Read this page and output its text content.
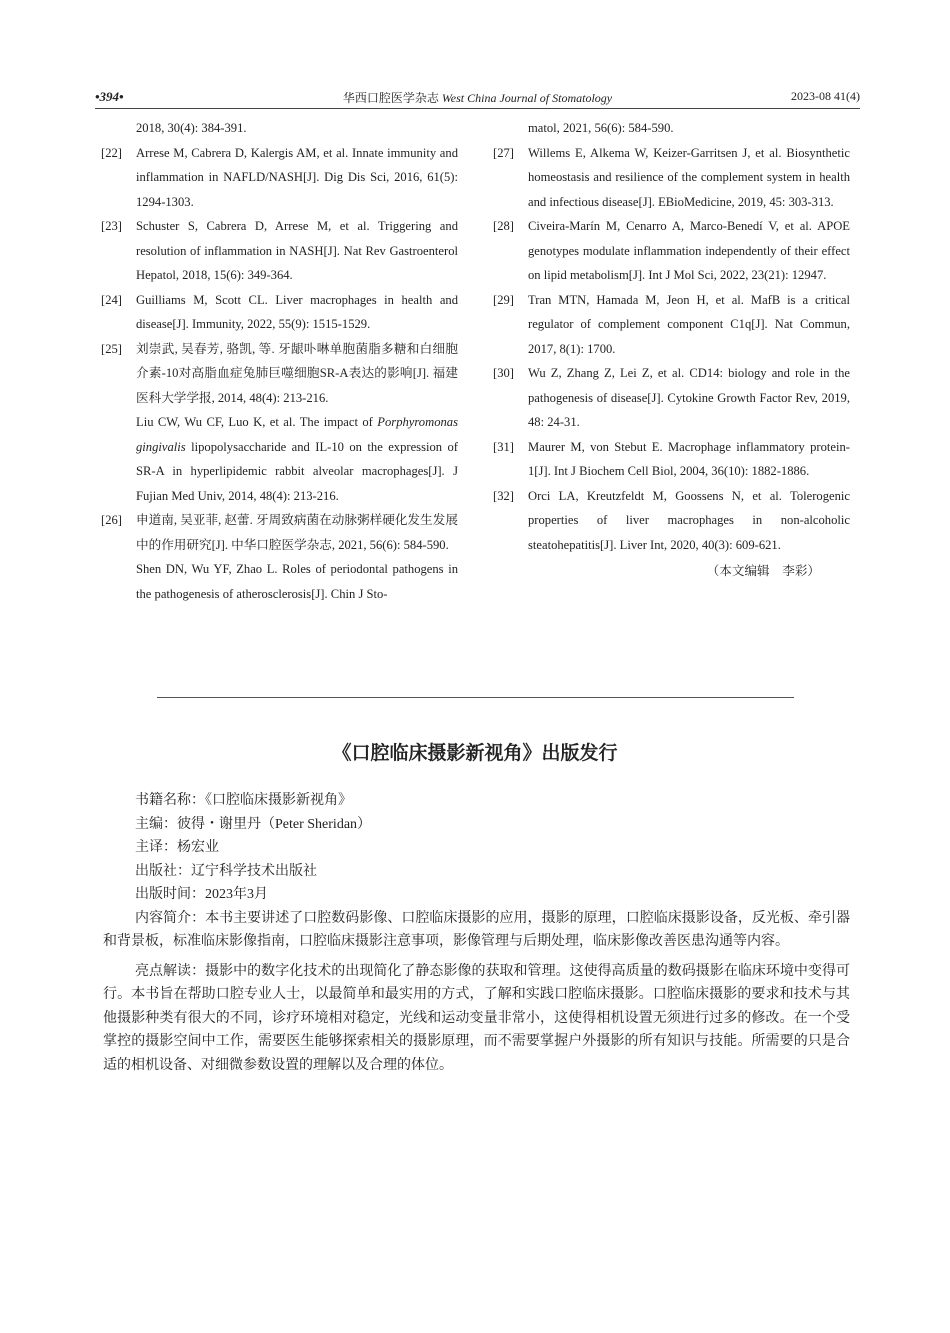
•394•	华西口腔医学杂志 West China Journal of Stomatology	2023-08 41(4)
2018, 30(4): 384-391.
[22] Arrese M, Cabrera D, Kalergis AM, et al. Innate immunity and inflammation in NAFLD/NASH[J]. Dig Dis Sci, 2016, 61(5): 1294-1303.
[23] Schuster S, Cabrera D, Arrese M, et al. Triggering and resolution of inflammation in NASH[J]. Nat Rev Gastroenterol Hepatol, 2018, 15(6): 349-364.
[24] Guilliams M, Scott CL. Liver macrophages in health and disease[J]. Immunity, 2022, 55(9): 1515-1529.
[25] 刘崇武, 吴春芳, 骆凯, 等. 牙龈卟啉单胞菌脂多糖和白细胞介素-10对高脂血症兔肺巨噬细胞SR-A表达的影响[J]. 福建医科大学学报, 2014, 48(4): 213-216.
Liu CW, Wu CF, Luo K, et al. The impact of Porphyromonas gingivalis lipopolysaccharide and IL-10 on the expression of SR-A in hyperlipidemic rabbit alveolar macrophages[J]. J Fujian Med Univ, 2014, 48(4): 213-216.
[26] 申道南, 吴亚菲, 赵蕾. 牙周致病菌在动脉粥样硬化发生发展中的作用研究[J]. 中华口腔医学杂志, 2021, 56(6): 584-590.
Shen DN, Wu YF, Zhao L. Roles of periodontal pathogens in the pathogenesis of atherosclerosis[J]. Chin J Sto-
matol, 2021, 56(6): 584-590.
[27] Willems E, Alkema W, Keizer-Garritsen J, et al. Biosynthetic homeostasis and resilience of the complement system in health and infectious disease[J]. EBioMedicine, 2019, 45: 303-313.
[28] Civeira-Marín M, Cenarro A, Marco-Benedí V, et al. APOE genotypes modulate inflammation independently of their effect on lipid metabolism[J]. Int J Mol Sci, 2022, 23(21): 12947.
[29] Tran MTN, Hamada M, Jeon H, et al. MafB is a critical regulator of complement component C1q[J]. Nat Commun, 2017, 8(1): 1700.
[30] Wu Z, Zhang Z, Lei Z, et al. CD14: biology and role in the pathogenesis of disease[J]. Cytokine Growth Factor Rev, 2019, 48: 24-31.
[31] Maurer M, von Stebut E. Macrophage inflammatory protein-1[J]. Int J Biochem Cell Biol, 2004, 36(10): 1882-1886.
[32] Orci LA, Kreutzfeldt M, Goossens N, et al. Tolerogenic properties of liver macrophages in non-alcoholic steatohepatitis[J]. Liver Int, 2020, 40(3): 609-621.
（本文编辑　李彩）
《口腔临床摄影新视角》出版发行
书籍名称：《口腔临床摄影新视角》
主编：彼得・谢里丹（Peter Sheridan）
主译：杨宏业
出版社：辽宁科学技术出版社
出版时间：2023年3月
内容简介：本书主要讲述了口腔数码影像、口腔临床摄影的应用，摄影的原理，口腔临床摄影设备，反光板、牵引器和背景板，标准临床影像指南，口腔临床摄影注意事项，影像管理与后期处理，临床影像改善医患沟通等内容。
亮点解读：摄影中的数字化技术的出现简化了静态影像的获取和管理。这使得高质量的数码摄影在临床环境中变得可行。本书旨在帮助口腔专业人士，以最简单和最实用的方式，了解和实践口腔临床摄影。口腔临床摄影的要求和技术与其他摄影种类有很大的不同，诊疗环境相对稳定，光线和运动变量非常小，这使得相机设置无须进行过多的修改。在一个受掌控的摄影空间中工作，需要医生能够探索相关的摄影原理，而不需要掌握户外摄影的所有知识与技能。所需要的只是合适的相机设备、对细微参数设置的理解以及合理的体位。
